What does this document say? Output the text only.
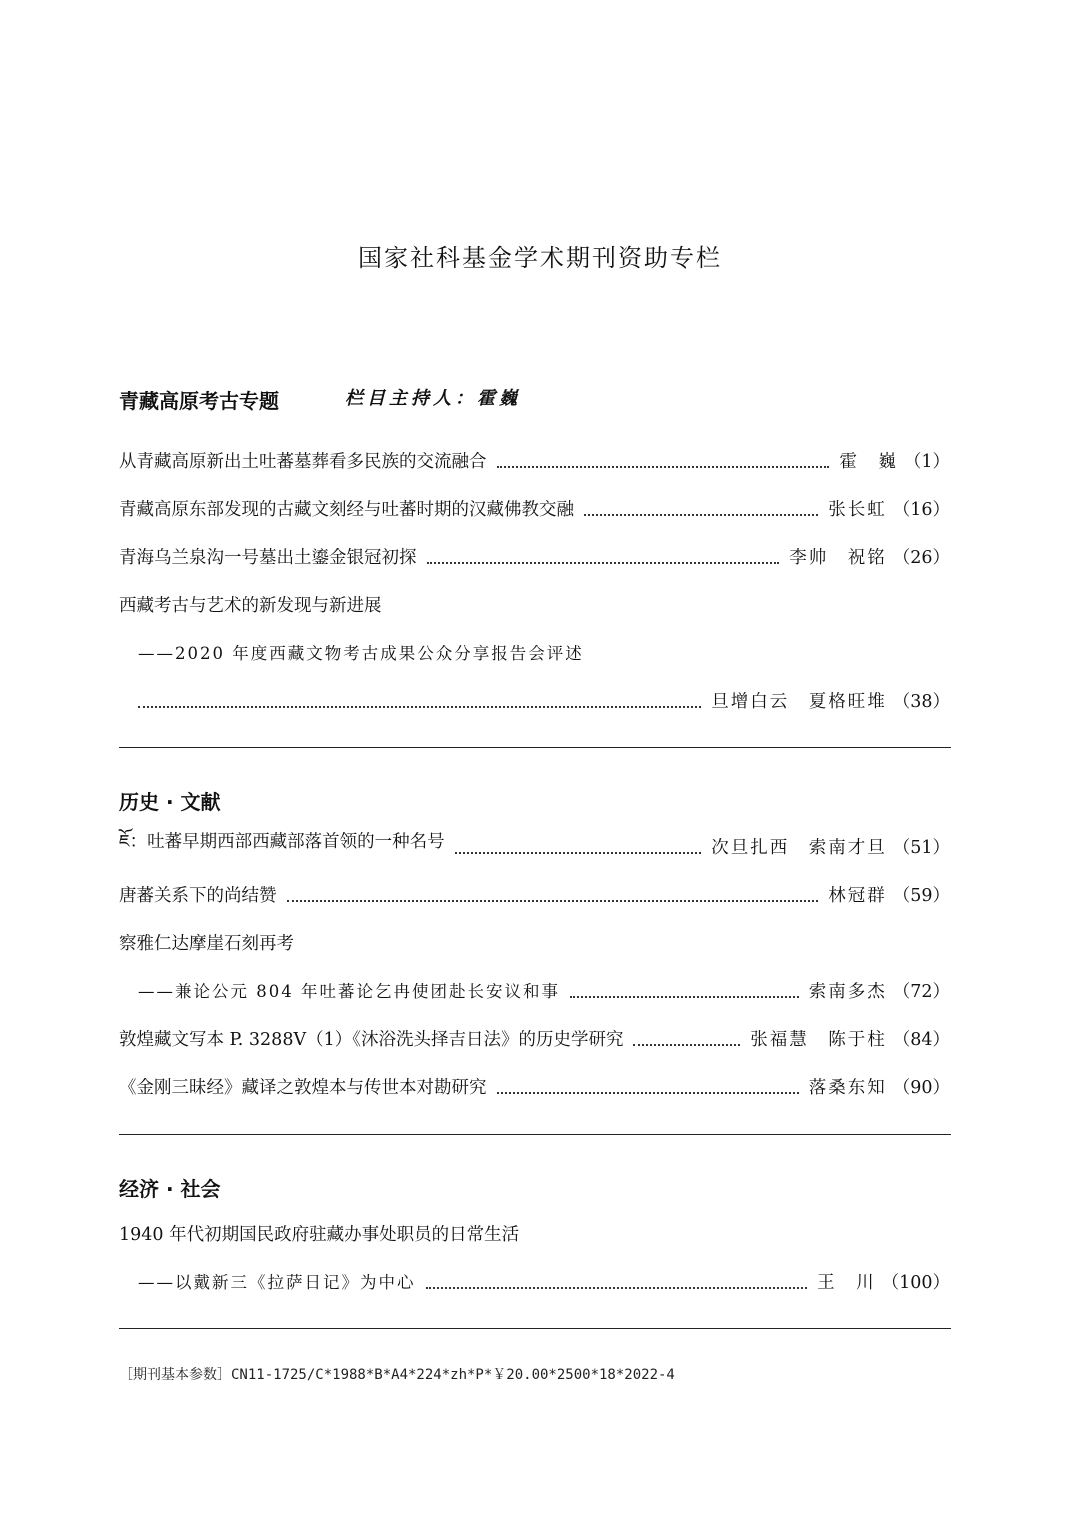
国家社科基金学术期刊资助专栏
青藏高原考古专题	栏目主持人：霍巍
从青藏高原新出土吐蕃墓葬看多民族的交流融合	霍　巍 （1）
青藏高原东部发现的古藏文刻经与吐蕃时期的汉藏佛教交融	张长虹 （16）
青海乌兰泉沟一号墓出土鎏金银冠初探	李帅　祝铭 （26）
西藏考古与艺术的新发现与新进展
——2020 年度西藏文物考古成果公众分享报告会评述
旦增白云　夏格旺堆 （38）
历史 · 文献
ཇོ：吐蕃早期西部西藏部落首领的一种名号	次旦扎西　索南才旦 （51）
唐蕃关系下的尚结赞	林冠群 （59）
察雅仁达摩崖石刻再考
——兼论公元 804 年吐蕃论乞冉使团赴长安议和事	索南多杰 （72）
敦煌藏文写本 P. 3288V（1）《沐浴洗头择吉日法》的历史学研究	张福慧　陈于柱 （84）
《金刚三昧经》藏译之敦煌本与传世本对勘研究	落桑东知 （90）
经济 · 社会
1940 年代初期国民政府驻藏办事处职员的日常生活
——以戴新三《拉萨日记》为中心	王　川 （100）
［期刊基本参数］CN11-1725/C*1988*B*A4*224*zh*P*￥20.00*2500*18*2022-4
